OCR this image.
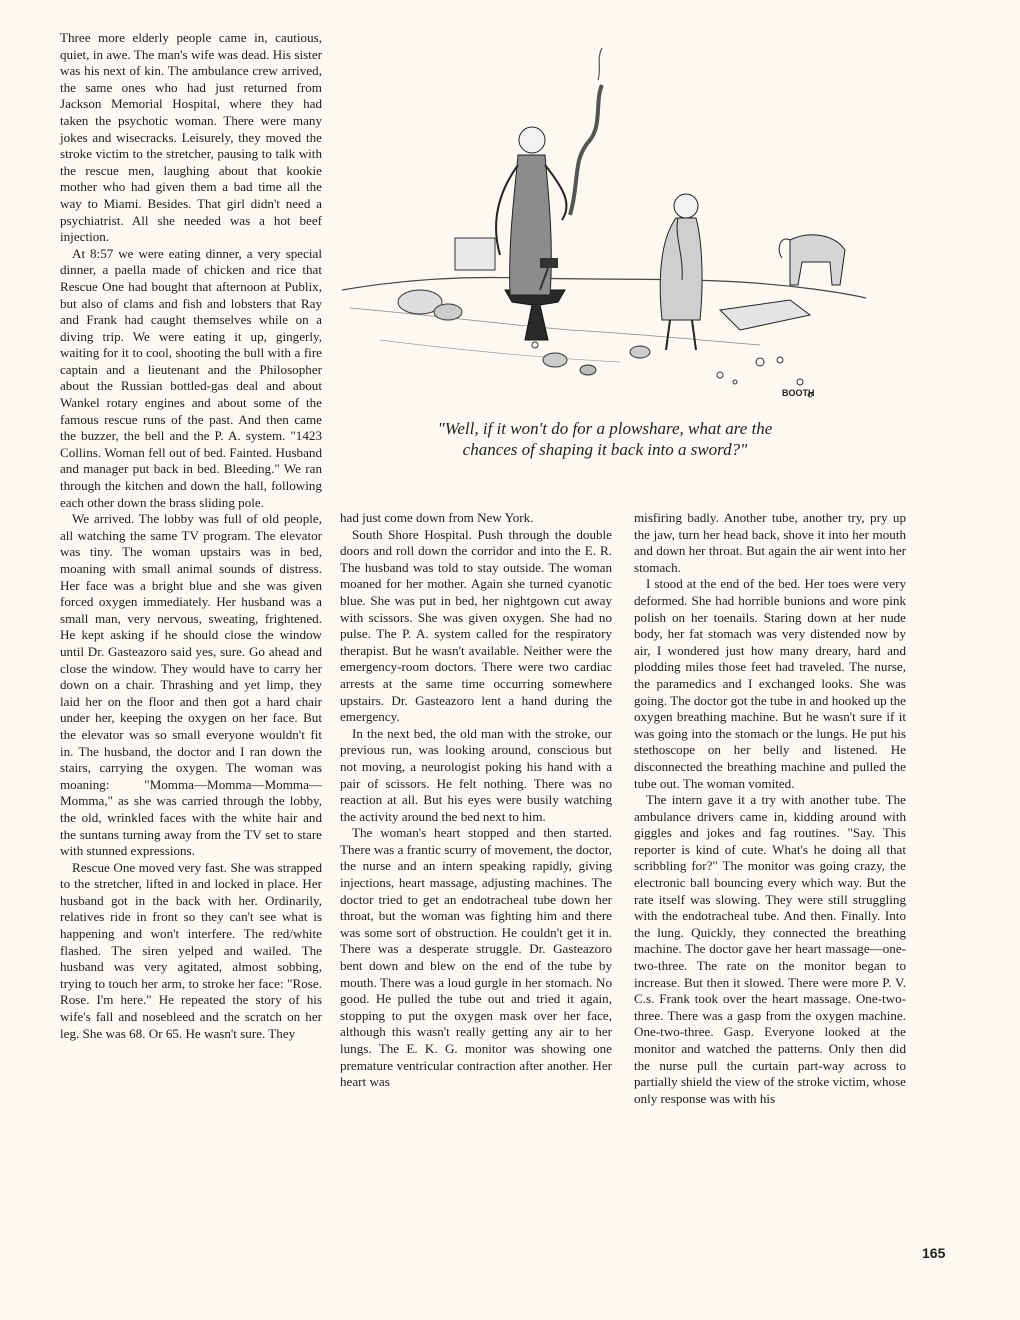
Three more elderly people came in, cautious, quiet, in awe. The man's wife was dead. His sister was his next of kin. The ambulance crew arrived, the same ones who had just returned from Jackson Memorial Hospital, where they had taken the psychotic woman. There were many jokes and wisecracks. Leisurely, they moved the stroke victim to the stretcher, pausing to talk with the rescue men, laughing about that kookie mother who had given them a bad time all the way to Miami. Besides. That girl didn't need a psychiatrist. All she needed was a hot beef injection.

At 8:57 we were eating dinner, a very special dinner, a paella made of chicken and rice that Rescue One had bought that afternoon at Publix, but also of clams and fish and lobsters that Ray and Frank had caught themselves while on a diving trip. We were eating it up, gingerly, waiting for it to cool, shooting the bull with a fire captain and a lieutenant and the Philosopher about the Russian bottled-gas deal and about Wankel rotary engines and about some of the famous rescue runs of the past. And then came the buzzer, the bell and the P. A. system. "1423 Collins. Woman fell out of bed. Fainted. Husband and manager put back in bed. Bleeding." We ran through the kitchen and down the hall, following each other down the brass sliding pole.

We arrived. The lobby was full of old people, all watching the same TV program. The elevator was tiny. The woman upstairs was in bed, moaning with small animal sounds of distress. Her face was a bright blue and she was given forced oxygen immediately. Her husband was a small man, very nervous, sweating, frightened. He kept asking if he should close the window until Dr. Gasteazoro said yes, sure. Go ahead and close the window. They would have to carry her down on a chair. Thrashing and yet limp, they laid her on the floor and then got a hard chair under her, keeping the oxygen on her face. But the elevator was so small everyone wouldn't fit in. The husband, the doctor and I ran down the stairs, carrying the oxygen. The woman was moaning: "Momma—Momma—Momma—Momma," as she was carried through the lobby, the old, wrinkled faces with the white hair and the suntans turning away from the TV set to stare with stunned expressions.

Rescue One moved very fast. She was strapped to the stretcher, lifted in and locked in place. Her husband got in the back with her. Ordinarily, relatives ride in front so they can't see what is happening and won't interfere. The red/white flashed. The siren yelped and wailed. The husband was very agitated, almost sobbing, trying to touch her arm, to stroke her face: "Rose. Rose. I'm here." He repeated the story of his wife's fall and nosebleed and the scratch on her leg. She was 68. Or 65. He wasn't sure. They

BOOTH
"Well, if it won't do for a plowshare, what are the
chances of shaping it back into a sword?"

had just come down from New York.

South Shore Hospital. Push through the double doors and roll down the corridor and into the E. R. The husband was told to stay outside. The woman moaned for her mother. Again she turned cyanotic blue. She was put in bed, her nightgown cut away with scissors. She was given oxygen. She had no pulse. The P. A. system called for the respiratory therapist. But he wasn't available. Neither were the emergency-room doctors. There were two cardiac arrests at the same time occurring somewhere upstairs. Dr. Gasteazoro lent a hand during the emergency.

In the next bed, the old man with the stroke, our previous run, was looking around, conscious but not moving, a neurologist poking his hand with a pair of scissors. He felt nothing. There was no reaction at all. But his eyes were busily watching the activity around the bed next to him.

The woman's heart stopped and then started. There was a frantic scurry of movement, the doctor, the nurse and an intern speaking rapidly, giving injections, heart massage, adjusting machines. The doctor tried to get an endotracheal tube down her throat, but the woman was fighting him and there was some sort of obstruction. He couldn't get it in. There was a desperate struggle. Dr. Gasteazoro bent down and blew on the end of the tube by mouth. There was a loud gurgle in her stomach. No good. He pulled the tube out and tried it again, stopping to put the oxygen mask over her face, although this wasn't really getting any air to her lungs. The E. K. G. monitor was showing one premature ventricular contraction after another. Her heart was

misfiring badly. Another tube, another try, pry up the jaw, turn her head back, shove it into her mouth and down her throat. But again the air went into her stomach.

I stood at the end of the bed. Her toes were very deformed. She had horrible bunions and wore pink polish on her toenails. Staring down at her nude body, her fat stomach was very distended now by air, I wondered just how many dreary, hard and plodding miles those feet had traveled. The nurse, the paramedics and I exchanged looks. She was going. The doctor got the tube in and hooked up the oxygen breathing machine. But he wasn't sure if it was going into the stomach or the lungs. He put his stethoscope on her belly and listened. He disconnected the breathing machine and pulled the tube out. The woman vomited.

The intern gave it a try with another tube. The ambulance drivers came in, kidding around with giggles and jokes and fag routines. "Say. This reporter is kind of cute. What's he doing all that scribbling for?" The monitor was going crazy, the electronic ball bouncing every which way. But the rate itself was slowing. They were still struggling with the endotracheal tube. And then. Finally. Into the lung. Quickly, they connected the breathing machine. The doctor gave her heart massage—one-two-three. The rate on the monitor began to increase. But then it slowed. There were more P. V. C.s. Frank took over the heart massage. One-two-three. There was a gasp from the oxygen machine. One-two-three. Gasp. Everyone looked at the monitor and watched the patterns. Only then did the nurse pull the curtain part-way across to partially shield the view of the stroke victim, whose only response was with his

165
